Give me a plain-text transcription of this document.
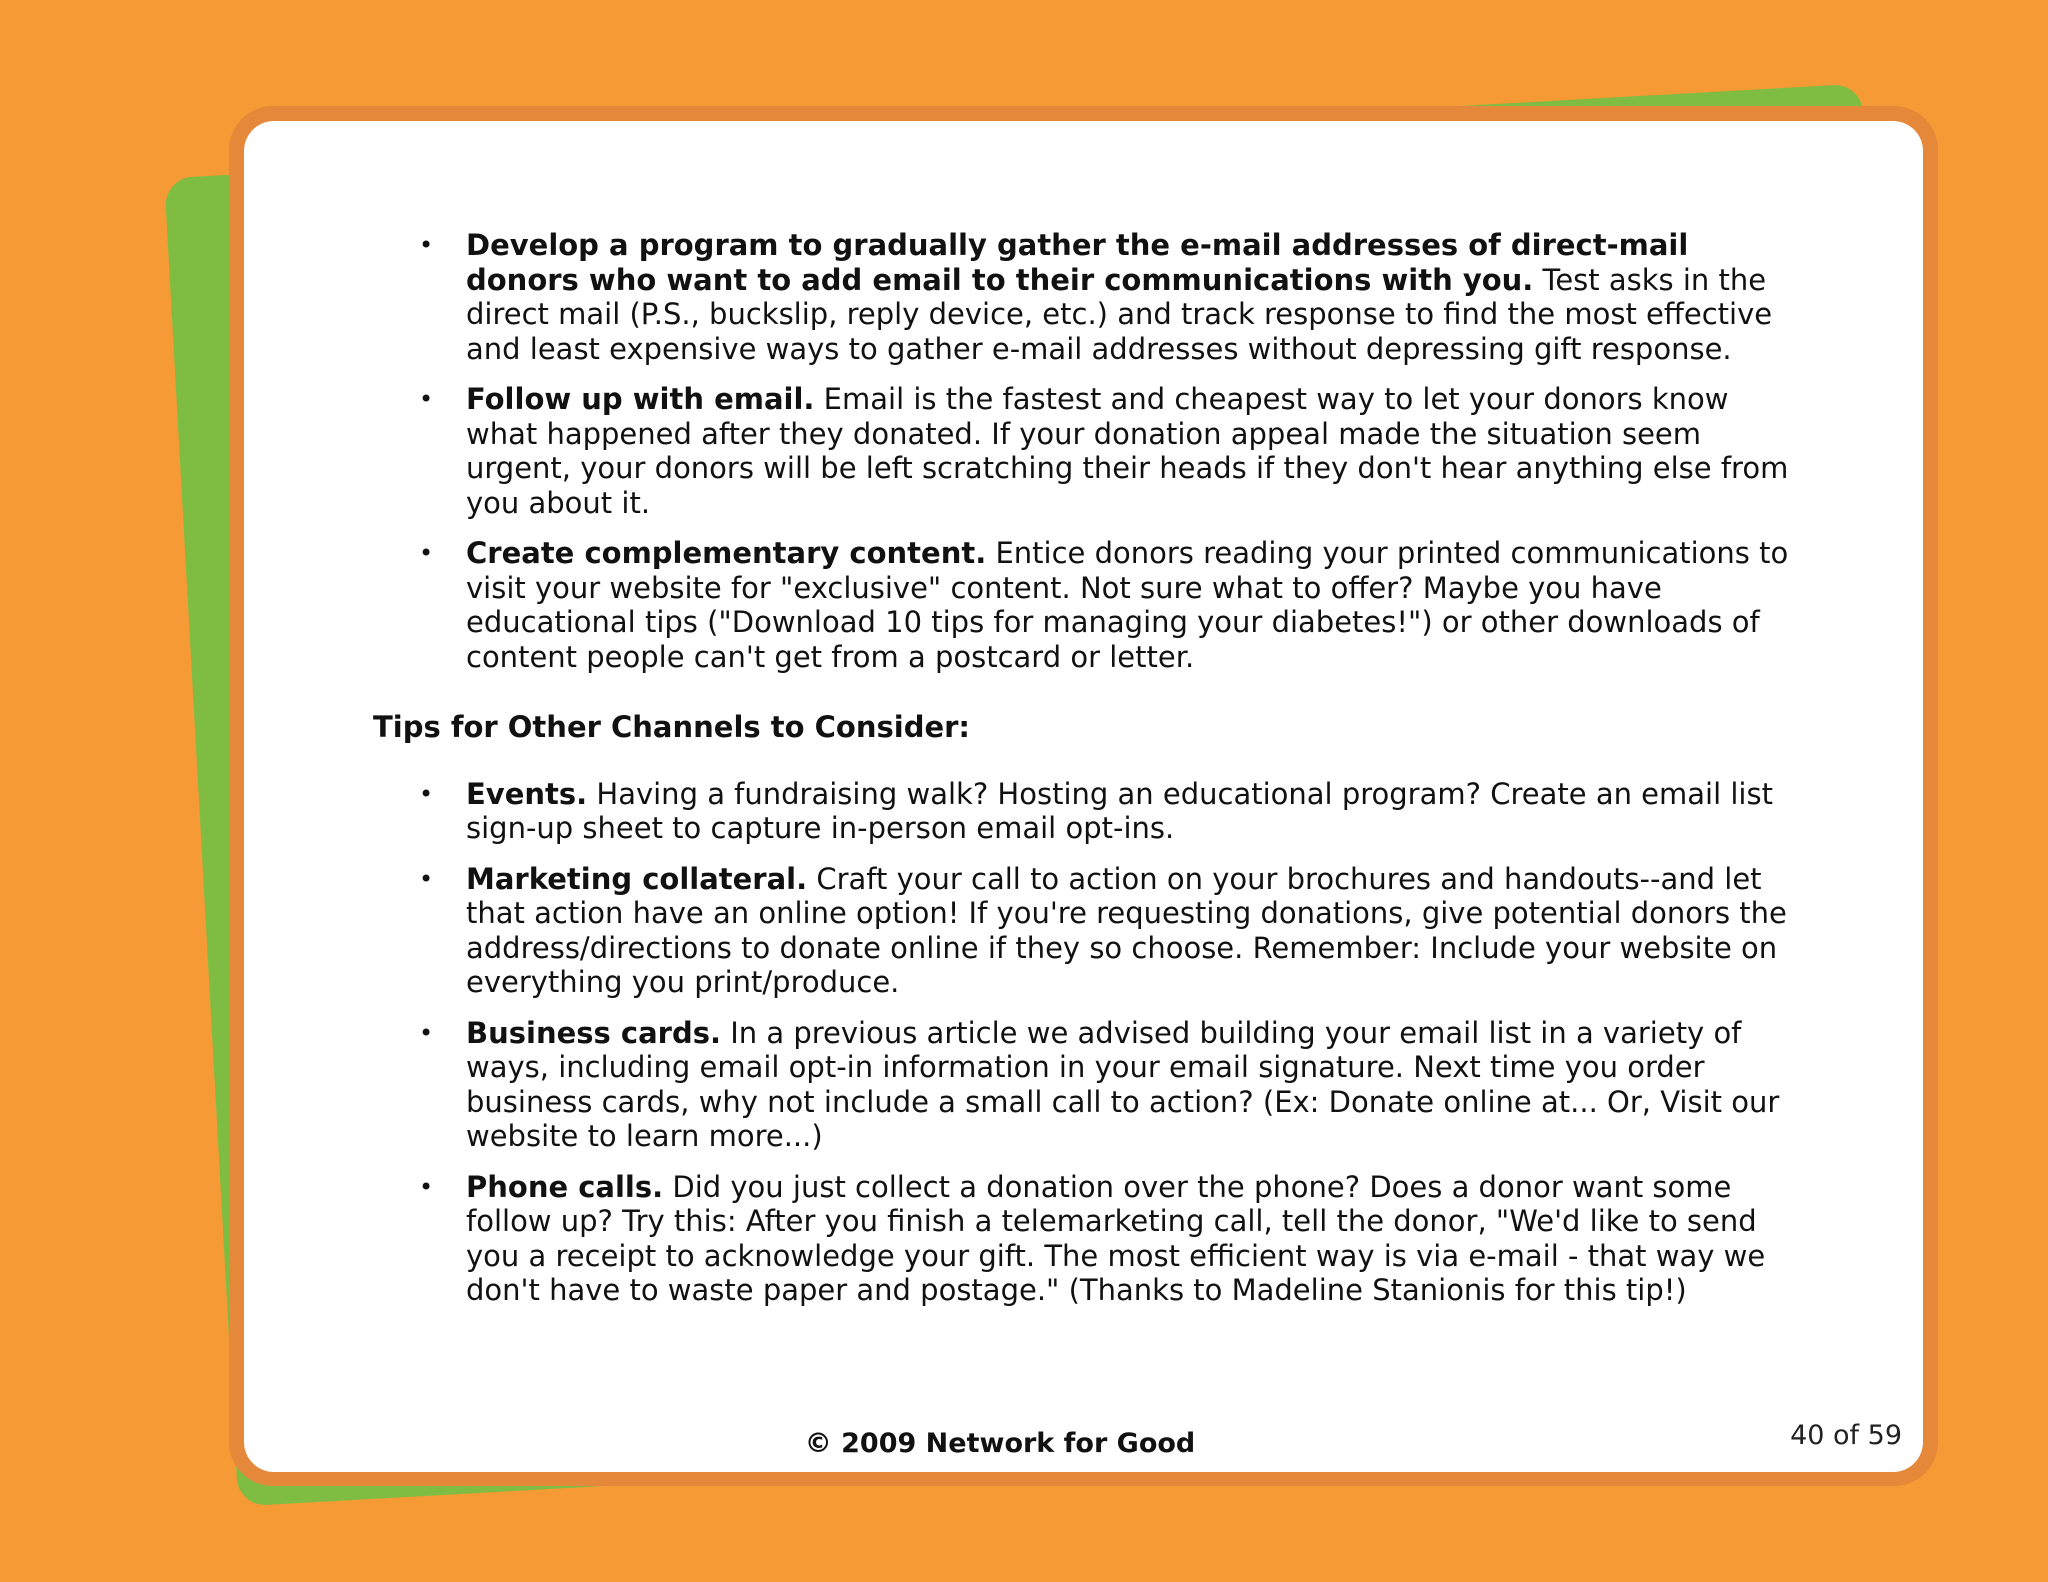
• Develop a program to gradually gather the e-mail addresses of direct-mail donors who want to add email to their communications with you. Test asks in the direct mail (P.S., buckslip, reply device, etc.) and track response to find the most effective and least expensive ways to gather e-mail addresses without depressing gift response.
• Follow up with email. Email is the fastest and cheapest way to let your donors know what happened after they donated. If your donation appeal made the situation seem urgent, your donors will be left scratching their heads if they don't hear anything else from you about it.
• Create complementary content. Entice donors reading your printed communications to visit your website for "exclusive" content. Not sure what to offer? Maybe you have educational tips ("Download 10 tips for managing your diabetes!") or other downloads of content people can't get from a postcard or letter.
Tips for Other Channels to Consider:
• Events. Having a fundraising walk? Hosting an educational program? Create an email list sign-up sheet to capture in-person email opt-ins.
• Marketing collateral. Craft your call to action on your brochures and handouts--and let that action have an online option! If you're requesting donations, give potential donors the address/directions to donate online if they so choose. Remember: Include your website on everything you print/produce.
• Business cards. In a previous article we advised building your email list in a variety of ways, including email opt-in information in your email signature. Next time you order business cards, why not include a small call to action? (Ex: Donate online at... Or, Visit our website to learn more...)
• Phone calls. Did you just collect a donation over the phone? Does a donor want some follow up? Try this: After you finish a telemarketing call, tell the donor, "We'd like to send you a receipt to acknowledge your gift. The most efficient way is via e-mail - that way we don't have to waste paper and postage." (Thanks to Madeline Stanionis for this tip!)
© 2009 Network for Good	40 of 59
